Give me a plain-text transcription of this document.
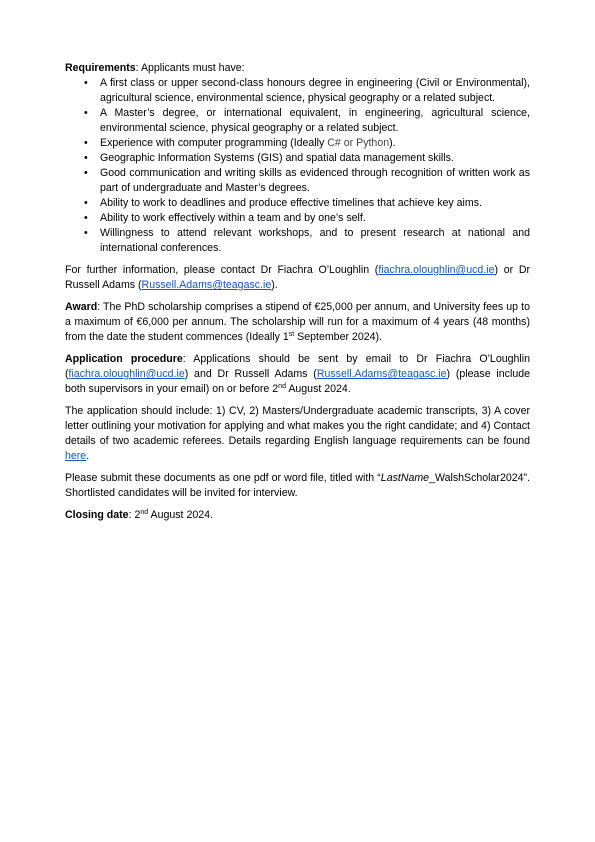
Requirements: Applicants must have:

• A first class or upper second-class honours degree in engineering (Civil or Environmental), agricultural science, environmental science, physical geography or a related subject.
• A Master’s degree, or international equivalent, in engineering, agricultural science, environmental science, physical geography or a related subject.
• Experience with computer programming (Ideally C# or Python).
• Geographic Information Systems (GIS) and spatial data management skills.
• Good communication and writing skills as evidenced through recognition of written work as part of undergraduate and Master’s degrees.
• Ability to work to deadlines and produce effective timelines that achieve key aims.
• Ability to work effectively within a team and by one’s self.
• Willingness to attend relevant workshops, and to present research at national and international conferences.

For further information, please contact Dr Fiachra O’Loughlin (fiachra.oloughlin@ucd.ie) or Dr Russell Adams (Russell.Adams@teagasc.ie).

Award: The PhD scholarship comprises a stipend of €25,000 per annum, and University fees up to a maximum of €6,000 per annum. The scholarship will run for a maximum of 4 years (48 months) from the date the student commences (Ideally 1st September 2024).

Application procedure: Applications should be sent by email to Dr Fiachra O’Loughlin (fiachra.oloughlin@ucd.ie) and Dr Russell Adams (Russell.Adams@teagasc.ie) (please include both supervisors in your email) on or before 2nd August 2024.

The application should include: 1) CV, 2) Masters/Undergraduate academic transcripts, 3) A cover letter outlining your motivation for applying and what makes you the right candidate; and 4) Contact details of two academic referees. Details regarding English language requirements can be found here.

Please submit these documents as one pdf or word file, titled with “LastName_WalshScholar2024”. Shortlisted candidates will be invited for interview.

Closing date: 2nd August 2024.
